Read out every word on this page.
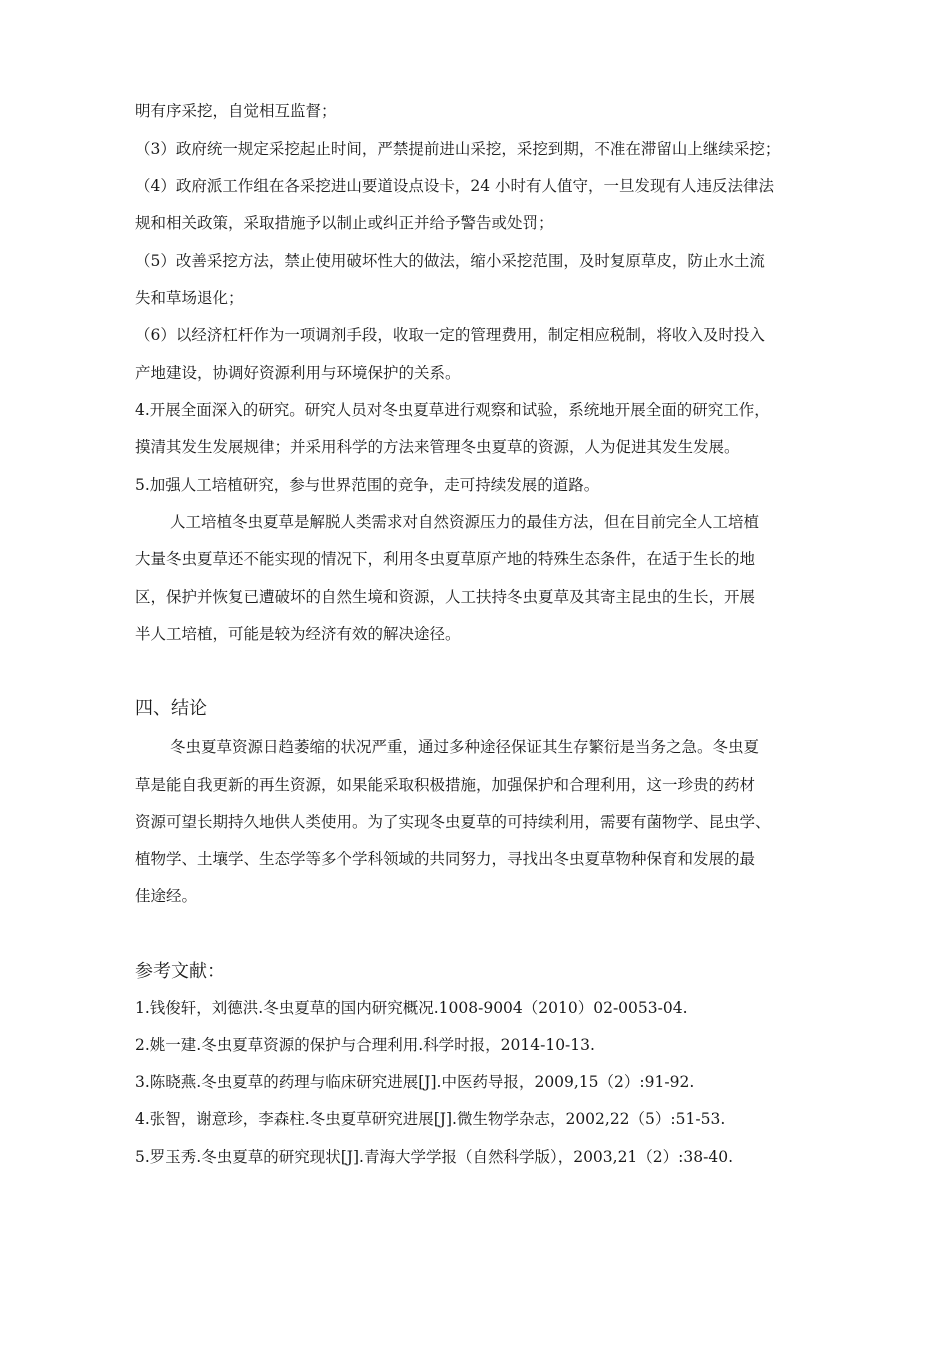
明有序采挖，自觉相互监督；
（3）政府统一规定采挖起止时间，严禁提前进山采挖，采挖到期，不准在滞留山上继续采挖；
（4）政府派工作组在各采挖进山要道设点设卡，24 小时有人值守，一旦发现有人违反法律法
规和相关政策，采取措施予以制止或纠正并给予警告或处罚；
（5）改善采挖方法，禁止使用破坏性大的做法，缩小采挖范围，及时复原草皮，防止水土流
失和草场退化；
（6）以经济杠杆作为一项调剂手段，收取一定的管理费用，制定相应税制，将收入及时投入
产地建设，协调好资源利用与环境保护的关系。
4.开展全面深入的研究。研究人员对冬虫夏草进行观察和试验，系统地开展全面的研究工作，
摸清其发生发展规律；并采用科学的方法来管理冬虫夏草的资源，人为促进其发生发展。
5.加强人工培植研究，参与世界范围的竞争，走可持续发展的道路。
人工培植冬虫夏草是解脱人类需求对自然资源压力的最佳方法，但在目前完全人工培植
大量冬虫夏草还不能实现的情况下，利用冬虫夏草原产地的特殊生态条件，在适于生长的地
区，保护并恢复已遭破坏的自然生境和资源，人工扶持冬虫夏草及其寄主昆虫的生长，开展
半人工培植，可能是较为经济有效的解决途径。
四、结论
冬虫夏草资源日趋萎缩的状况严重，通过多种途径保证其生存繁衍是当务之急。冬虫夏
草是能自我更新的再生资源，如果能采取积极措施，加强保护和合理利用，这一珍贵的药材
资源可望长期持久地供人类使用。为了实现冬虫夏草的可持续利用，需要有菌物学、昆虫学、
植物学、土壤学、生态学等多个学科领域的共同努力，寻找出冬虫夏草物种保育和发展的最
佳途经。
参考文献：
1.钱俊轩，刘德洪.冬虫夏草的国内研究概况.1008-9004（2010）02-0053-04.
2.姚一建.冬虫夏草资源的保护与合理利用.科学时报，2014-10-13.
3.陈晓燕.冬虫夏草的药理与临床研究进展[J].中医药导报，2009,15（2）:91-92.
4.张智，谢意珍，李森柱.冬虫夏草研究进展[J].微生物学杂志，2002,22（5）:51-53.
5.罗玉秀.冬虫夏草的研究现状[J].青海大学学报（自然科学版），2003,21（2）:38-40.
